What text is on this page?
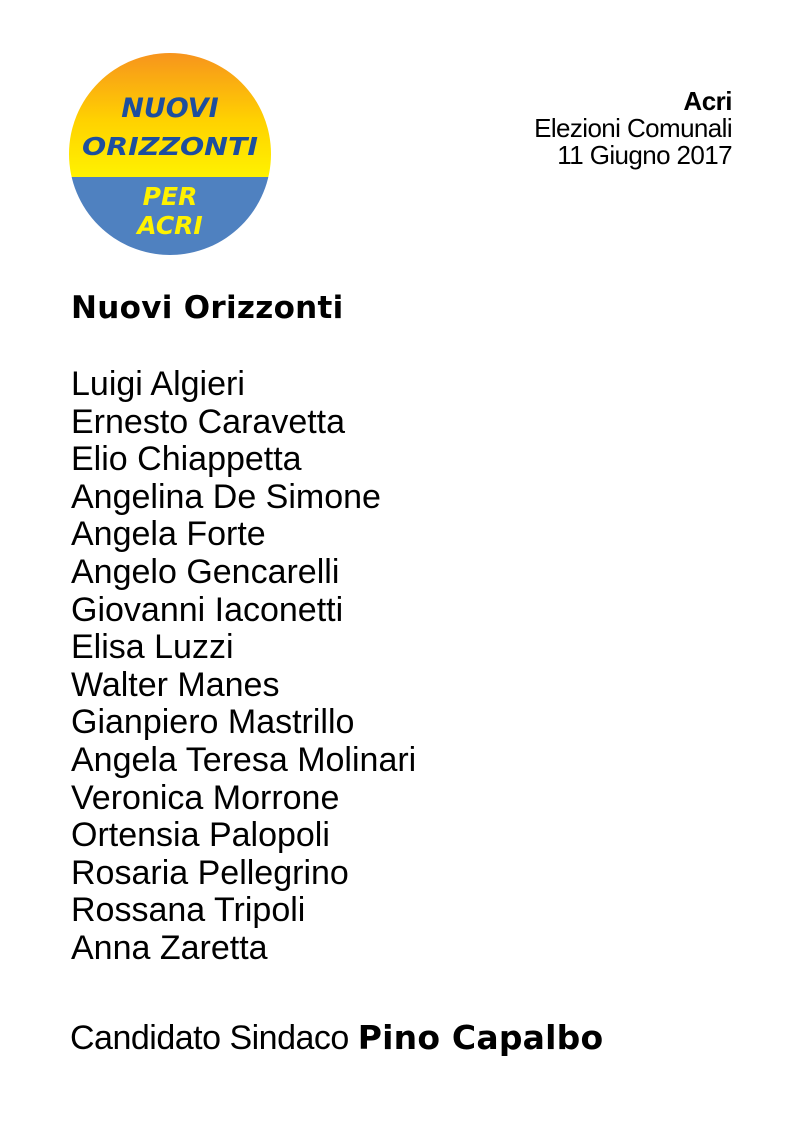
NUOVI
ORIZZONTI
PER
ACRI
Acri
Elezioni Comunali
11 Giugno 2017
Nuovi Orizzonti
Luigi Algieri
Ernesto Caravetta
Elio Chiappetta
Angelina De Simone
Angela Forte
Angelo Gencarelli
Giovanni Iaconetti
Elisa Luzzi
Walter Manes
Gianpiero Mastrillo
Angela Teresa Molinari
Veronica Morrone
Ortensia Palopoli
Rosaria Pellegrino
Rossana Tripoli
Anna Zaretta
Candidato Sindaco Pino Capalbo
